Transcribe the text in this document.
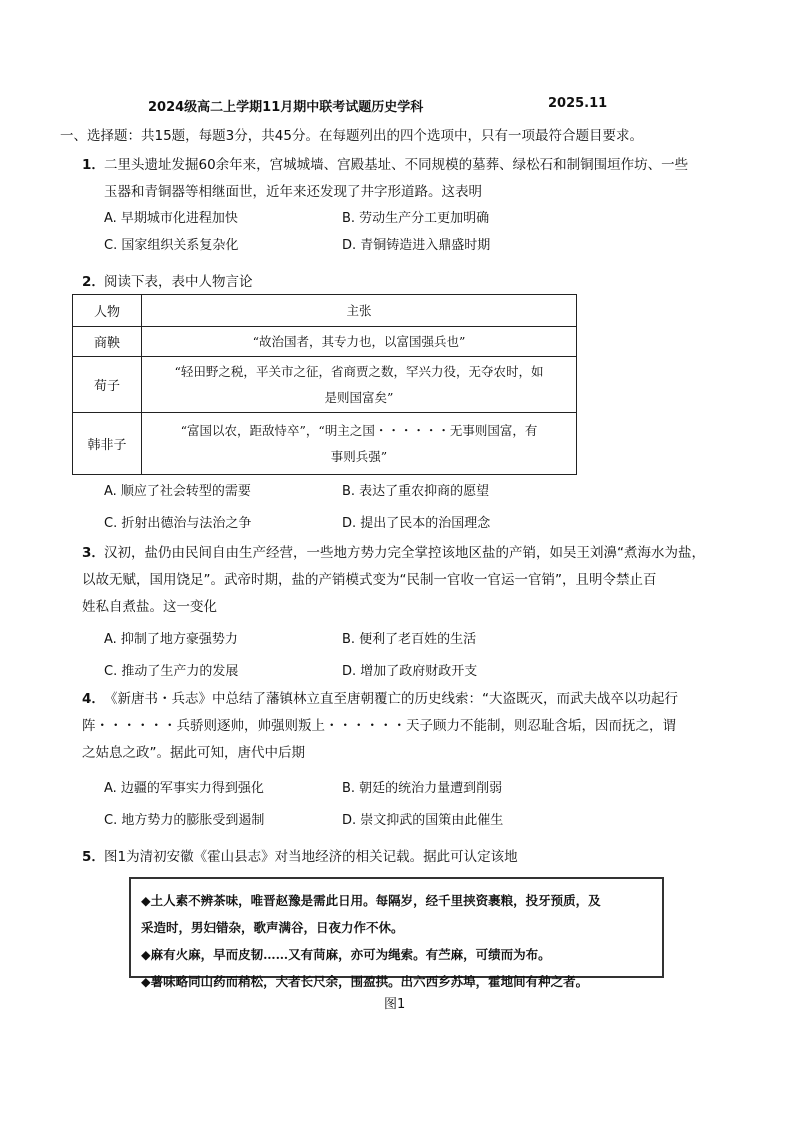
2024级高二上学期11月期中联考试题历史学科	2025.11
一、选择题：共15题，每题3分，共45分。在每题列出的四个选项中，只有一项最符合题目要求。
1． 二里头遗址发掘60余年来，宫城城墙、宫殿基址、不同规模的墓葬、绿松石和制铜围垣作坊、一些
玉器和青铜器等相继面世，近年来还发现了井字形道路。这表明
A. 早期城市化进程加快	B. 劳动生产分工更加明确
C. 国家组织关系复杂化	D. 青铜铸造进入鼎盛时期
2． 阅读下表，表中人物言论
人物	主张
商鞅	“故治国者，其专力也，以富国强兵也”

荀子	“轻田野之税，平关市之征，省商贾之数，罕兴力役，无夺农时，如
是则国富矣”

韩非子	“富国以农，距敌恃卒”，“明主之国・・・・・・无事则国富，有
事则兵强”
A. 顺应了社会转型的需要	B. 表达了重农抑商的愿望
C. 折射出德治与法治之争	D. 提出了民本的治国理念
3． 汉初，盐仍由民间自由生产经营，一些地方势力完全掌控该地区盐的产销，如吴王刘濞“煮海水为盐，
以故无赋，国用饶足”。武帝时期，盐的产销模式变为“民制一官收一官运一官销”，且明令禁止百
姓私自煮盐。这一变化
A. 抑制了地方豪强势力	B. 便利了老百姓的生活
C. 推动了生产力的发展	D. 增加了政府财政开支
4． 《新唐书・兵志》中总结了藩镇林立直至唐朝覆亡的历史线索：“大盗既灭，而武夫战卒以功起行
阵・・・・・・兵骄则逐帅，帅强则叛上・・・・・・天子顾力不能制，则忍耻含垢，因而抚之，谓
之姑息之政”。据此可知，唐代中后期
A. 边疆的军事实力得到强化	B. 朝廷的统治力量遭到削弱
C. 地方势力的膨胀受到遏制	D. 崇文抑武的国策由此催生
5． 图1为清初安徽《霍山县志》对当地经济的相关记载。据此可认定该地
◆土人素不辨茶味，唯晋赵豫是需此日用。每隔岁，经千里挟资裹粮，投牙预质，及
采造时，男妇错杂，歌声满谷，日夜力作不休。
◆麻有火麻，早而皮韧……又有苘麻，亦可为绳索。有苎麻，可绩而为布。
◆薯味略同山药而稍松，大者长尺余，围盈拱。出六西乡苏埠，霍地间有种之者。
图1
